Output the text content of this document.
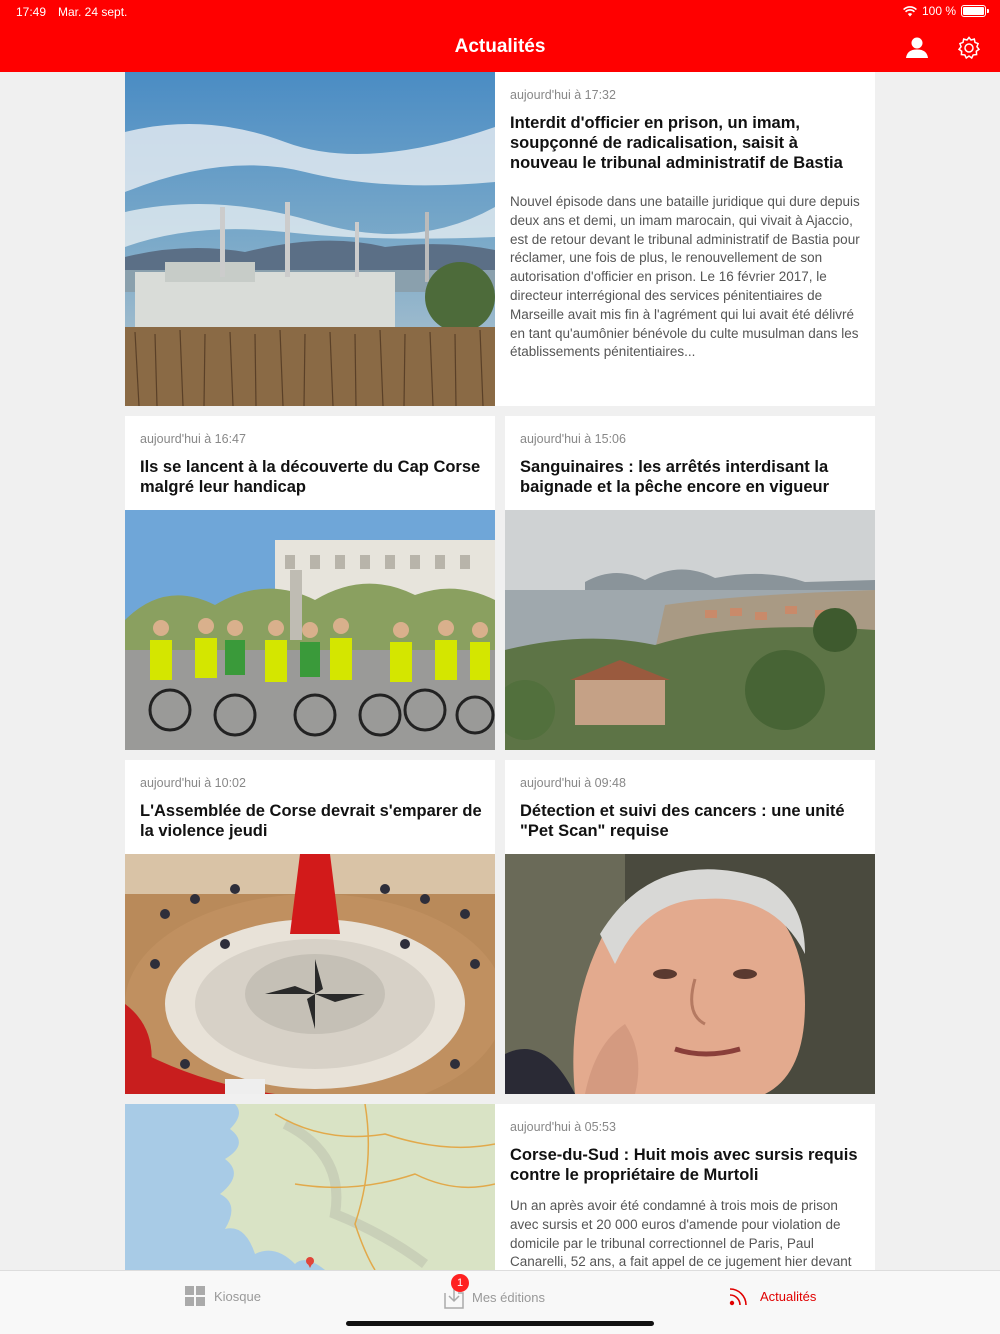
17:49 Mar. 24 sept.	100 %
Actualités
aujourd'hui à 17:32
Interdit d'officier en prison, un imam, soupçonné de radicalisation, saisit à nouveau le tribunal administratif de Bastia
Nouvel épisode dans une bataille juridique qui dure depuis deux ans et demi, un imam marocain, qui vivait à Ajaccio, est de retour devant le tribunal administratif de Bastia pour réclamer, une fois de plus, le renouvellement de son autorisation d'officier en prison. Le 16 février 2017, le directeur interrégional des services pénitentiaires de Marseille avait mis fin à l'agrément qui lui avait été délivré en tant qu'aumônier bénévole du culte musulman dans les établissements pénitentiaires...
aujourd'hui à 16:47
Ils se lancent à la découverte du Cap Corse malgré leur handicap
aujourd'hui à 15:06
Sanguinaires : les arrêtés interdisant la baignade et la pêche encore en vigueur
aujourd'hui à 10:02
L'Assemblée de Corse devrait s'emparer de la violence jeudi
aujourd'hui à 09:48
Détection et suivi des cancers : une unité "Pet Scan" requise
aujourd'hui à 05:53
Corse-du-Sud : Huit mois avec sursis requis contre le propriétaire de Murtoli
Un an après avoir été condamné à trois mois de prison avec sursis et 20 000 euros d'amende pour violation de domicile par le tribunal correctionnel de Paris, Paul Canarelli, 52 ans, a fait appel de ce jugement hier devant
Kiosque	Mes éditions	Actualités
1
